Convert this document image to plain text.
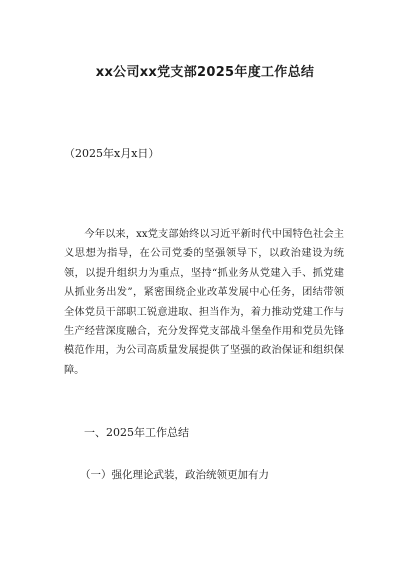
xx公司xx党支部2025年度工作总结
（2025年x月x日）

今年以来，xx党支部始终以习近平新时代中国特色社会主义思想为指导，在公司党委的坚强领导下，以政治建设为统领，以提升组织力为重点，坚持“抓业务从党建入手、抓党建从抓业务出发”，紧密围绕企业改革发展中心任务，团结带领全体党员干部职工锐意进取、担当作为，着力推动党建工作与生产经营深度融合，充分发挥党支部战斗堡垒作用和党员先锋模范作用，为公司高质量发展提供了坚强的政治保证和组织保障。

一、2025年工作总结
（一）强化理论武装，政治统领更加有力
